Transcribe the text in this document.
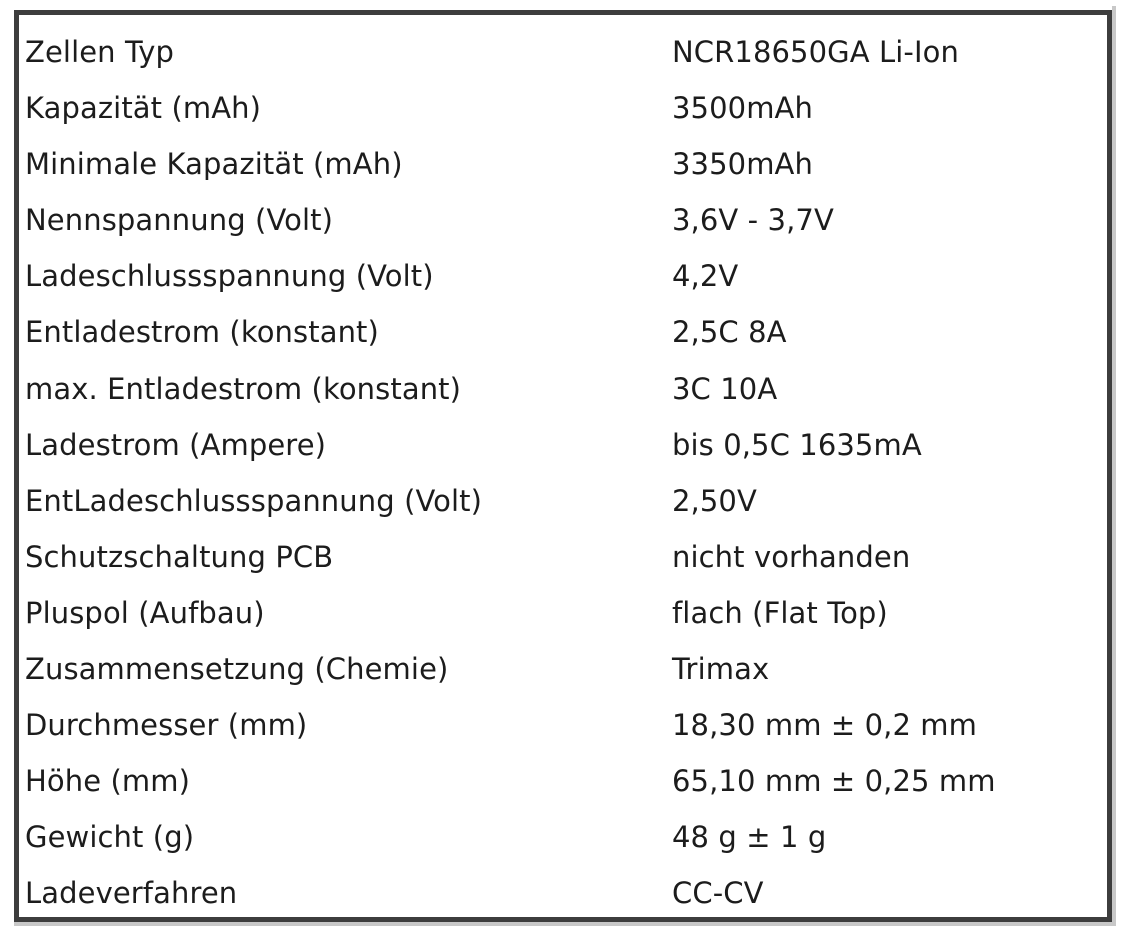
Zellen Typ	NCR18650GA Li-Ion
Kapazität (mAh)	3500mAh
Minimale Kapazität (mAh)	3350mAh
Nennspannung (Volt)	3,6V - 3,7V
Ladeschlussspannung (Volt)	4,2V
Entladestrom (konstant)	2,5C 8A
max. Entladestrom (konstant)	3C 10A
Ladestrom (Ampere)	bis 0,5C 1635mA
EntLadeschlussspannung (Volt)	2,50V
Schutzschaltung PCB	nicht vorhanden
Pluspol (Aufbau)	flach (Flat Top)
Zusammensetzung (Chemie)	Trimax
Durchmesser (mm)	18,30 mm ± 0,2 mm
Höhe (mm)	65,10 mm ± 0,25 mm
Gewicht (g)	48 g ± 1 g
Ladeverfahren	CC-CV
